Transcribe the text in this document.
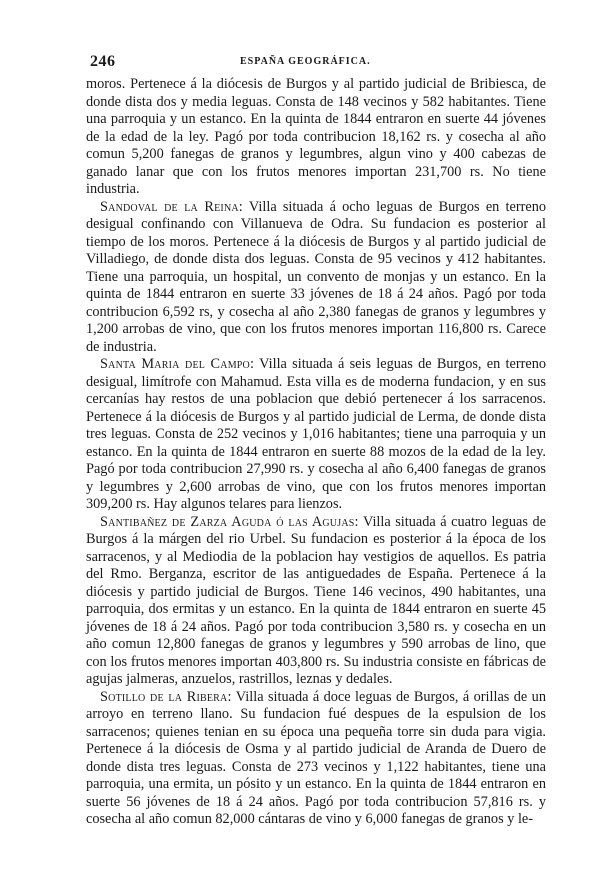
246	ESPAÑA GEOGRÁFICA.

moros. Pertenece á la diócesis de Burgos y al partido judicial de Bribiesca, de donde dista dos y media leguas. Consta de 148 vecinos y 582 habitantes. Tiene una parroquia y un estanco. En la quinta de 1844 entraron en suerte 44 jóvenes de la edad de la ley. Pagó por toda contribucion 18,162 rs. y cosecha al año comun 5,200 fanegas de granos y legumbres, algun vino y 400 cabezas de ganado lanar que con los frutos menores importan 231,700 rs. No tiene industria.

Sandoval de la Reina: Villa situada á ocho leguas de Burgos en terreno desigual confinando con Villanueva de Odra. Su fundacion es posterior al tiempo de los moros. Pertenece á la diócesis de Burgos y al partido judicial de Villadiego, de donde dista dos leguas. Consta de 95 vecinos y 412 habitantes. Tiene una parroquia, un hospital, un convento de monjas y un estanco. En la quinta de 1844 entraron en suerte 33 jóvenes de 18 á 24 años. Pagó por toda contribucion 6,592 rs, y cosecha al año 2,380 fanegas de granos y legumbres y 1,200 arrobas de vino, que con los frutos menores importan 116,800 rs. Carece de industria.

Santa Maria del Campo: Villa situada á seis leguas de Burgos, en terreno desigual, limítrofe con Mahamud. Esta villa es de moderna fundacion, y en sus cercanías hay restos de una poblacion que debió pertenecer á los sarracenos. Pertenece á la diócesis de Burgos y al partido judicial de Lerma, de donde dista tres leguas. Consta de 252 vecinos y 1,016 habitantes; tiene una parroquia y un estanco. En la quinta de 1844 entraron en suerte 88 mozos de la edad de la ley. Pagó por toda contribucion 27,990 rs. y cosecha al año 6,400 fanegas de granos y legumbres y 2,600 arrobas de vino, que con los frutos menores importan 309,200 rs. Hay algunos telares para lienzos.

Santibañez de Zarza Aguda ó las Agujas: Villa situada á cuatro leguas de Burgos á la márgen del rio Urbel. Su fundacion es posterior á la época de los sarracenos, y al Mediodia de la poblacion hay vestigios de aquellos. Es patria del Rmo. Berganza, escritor de las antiguedades de España. Pertenece á la diócesis y partido judicial de Burgos. Tiene 146 vecinos, 490 habitantes, una parroquia, dos ermitas y un estanco. En la quinta de 1844 entraron en suerte 45 jóvenes de 18 á 24 años. Pagó por toda contribucion 3,580 rs. y cosecha en un año comun 12,800 fanegas de granos y legumbres y 590 arrobas de lino, que con los frutos menores importan 403,800 rs. Su industria consiste en fábricas de agujas jalmeras, anzuelos, rastrillos, leznas y dedales.

Sotillo de la Ribera: Villa situada á doce leguas de Burgos, á orillas de un arroyo en terreno llano. Su fundacion fué despues de la espulsion de los sarracenos; quienes tenian en su época una pequeña torre sin duda para vigia. Pertenece á la diócesis de Osma y al partido judicial de Aranda de Duero de donde dista tres leguas. Consta de 273 vecinos y 1,122 habitantes, tiene una parroquia, una ermita, un pósito y un estanco. En la quinta de 1844 entraron en suerte 56 jóvenes de 18 á 24 años. Pagó por toda contribucion 57,816 rs. y cosecha al año comun 82,000 cántaras de vino y 6,000 fanegas de granos y le-
